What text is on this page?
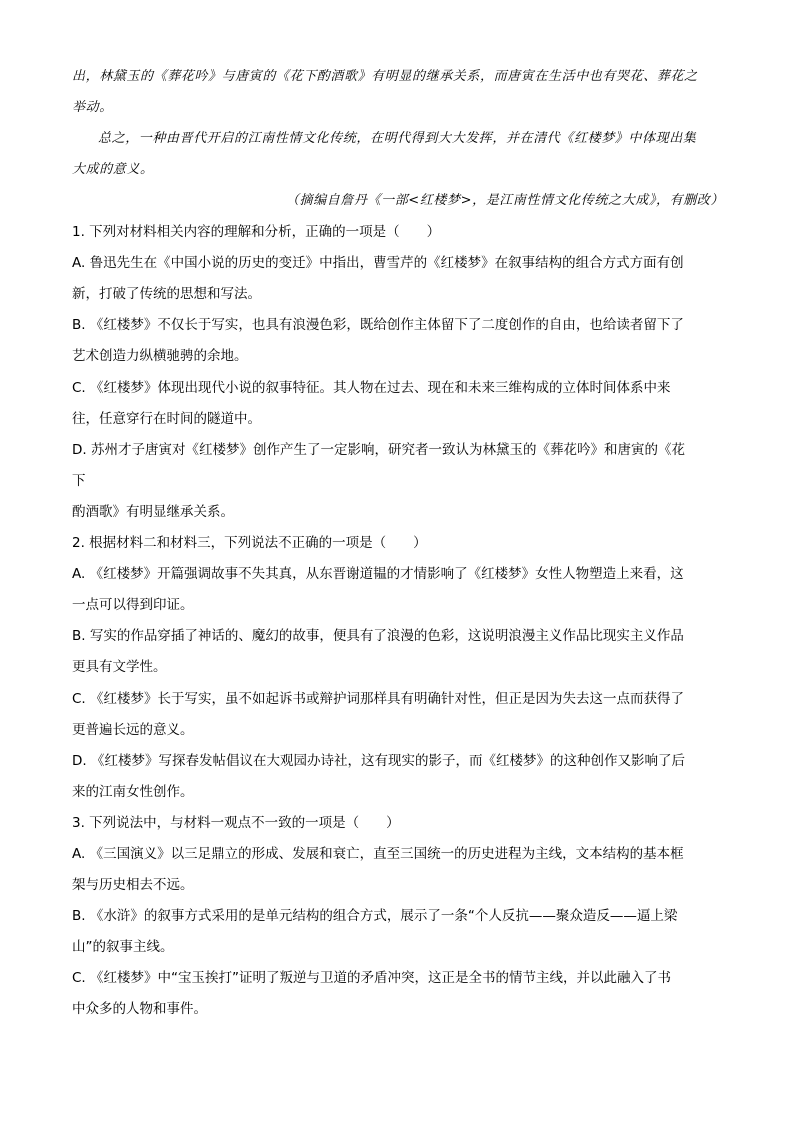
出，林黛玉的《葬花吟》与唐寅的《花下酌酒歌》有明显的继承关系，而唐寅在生活中也有哭花、葬花之
举动。
总之，一种由晋代开启的江南性情文化传统，在明代得到大大发挥，并在清代《红楼梦》中体现出集
大成的意义。
（摘编自詹丹《一部<红楼梦>，是江南性情文化传统之大成》，有删改）
1. 下列对材料相关内容的理解和分析，正确的一项是（　　）
A. 鲁迅先生在《中国小说的历史的变迁》中指出，曹雪芹的《红楼梦》在叙事结构的组合方式方面有创
新，打破了传统的思想和写法。
B. 《红楼梦》不仅长于写实，也具有浪漫色彩，既给创作主体留下了二度创作的自由，也给读者留下了
艺术创造力纵横驰骋的余地。
C. 《红楼梦》体现出现代小说的叙事特征。其人物在过去、现在和未来三维构成的立体时间体系中来
往，任意穿行在时间的隧道中。
D. 苏州才子唐寅对《红楼梦》创作产生了一定影响，研究者一致认为林黛玉的《葬花吟》和唐寅的《花
下
酌酒歌》有明显继承关系。
2. 根据材料二和材料三，下列说法不正确的一项是（　　）
A. 《红楼梦》开篇强调故事不失其真，从东晋谢道韫的才情影响了《红楼梦》女性人物塑造上来看，这
一点可以得到印证。
B. 写实的作品穿插了神话的、魔幻的故事，便具有了浪漫的色彩，这说明浪漫主义作品比现实主义作品
更具有文学性。
C. 《红楼梦》长于写实，虽不如起诉书或辩护词那样具有明确针对性，但正是因为失去这一点而获得了
更普遍长远的意义。
D. 《红楼梦》写探春发帖倡议在大观园办诗社，这有现实的影子，而《红楼梦》的这种创作又影响了后
来的江南女性创作。
3. 下列说法中，与材料一观点不一致的一项是（　　）
A. 《三国演义》以三足鼎立的形成、发展和衰亡，直至三国统一的历史进程为主线，文本结构的基本框
架与历史相去不远。
B. 《水浒》的叙事方式采用的是单元结构的组合方式，展示了一条“个人反抗——聚众造反——逼上梁
山”的叙事主线。
C. 《红楼梦》中“宝玉挨打”证明了叛逆与卫道的矛盾冲突，这正是全书的情节主线，并以此融入了书
中众多的人物和事件。
